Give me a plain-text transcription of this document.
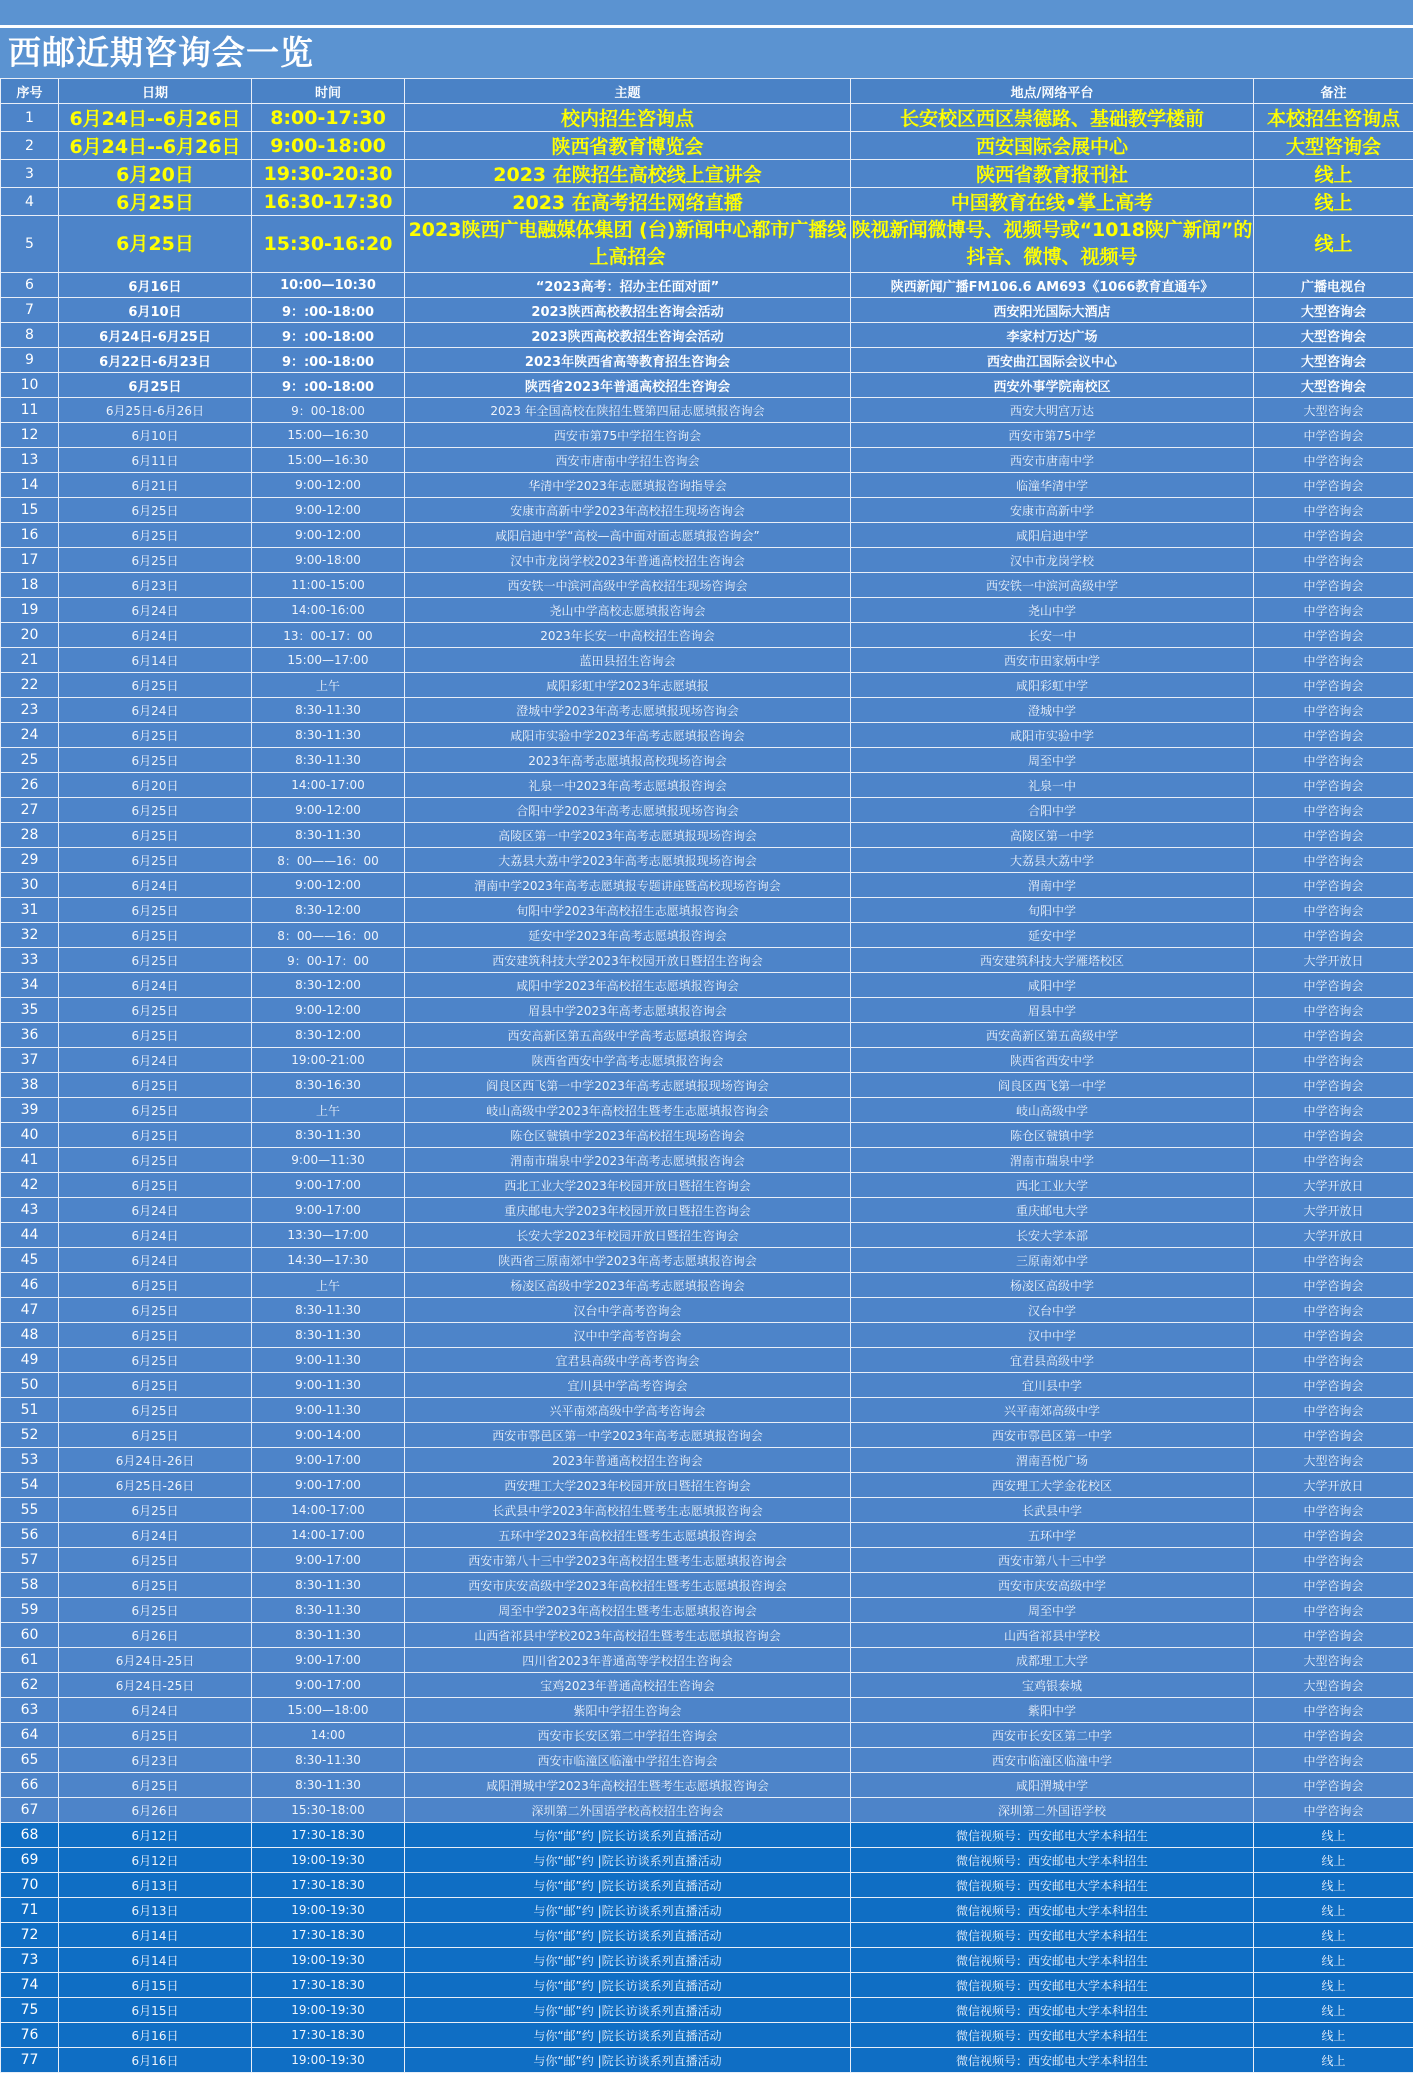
西邮近期咨询会一览
序号	日期	时间	主题	地点/网络平台	备注
1	6月24日--6月26日	8:00-17:30	校内招生咨询点	长安校区西区崇德路、基础教学楼前	本校招生咨询点
2	6月24日--6月26日	9:00-18:00	陕西省教育博览会	西安国际会展中心	大型咨询会
3	6月20日	19:30-20:30	2023 在陕招生高校线上宣讲会	陕西省教育报刊社	线上
4	6月25日	16:30-17:30	2023 在高考招生网络直播	中国教育在线•掌上高考	线上
5	6月25日	15:30-16:20	2023陕西广电融媒体集团 (台)新闻中心都市广播线上高招会	陕视新闻微博号、视频号或“1018陕广新闻”的抖音、微博、视频号	线上
6	6月16日	10:00—10:30	“2023高考：招办主任面对面”	陕西新闻广播FM106.6 AM693《1066教育直通车》	广播电视台
7	6月10日	9：:00-18:00	2023陕西高校教招生咨询会活动	西安阳光国际大酒店	大型咨询会
8	6月24日-6月25日	9：:00-18:00	2023陕西高校教招生咨询会活动	李家村万达广场	大型咨询会
9	6月22日-6月23日	9：:00-18:00	2023年陕西省高等教育招生咨询会	西安曲江国际会议中心	大型咨询会
10	6月25日	9：:00-18:00	陕西省2023年普通高校招生咨询会	西安外事学院南校区	大型咨询会
11	6月25日-6月26日	9：00-18:00	2023 年全国高校在陕招生暨第四届志愿填报咨询会	西安大明宫万达	大型咨询会
12	6月10日	15:00—16:30	西安市第75中学招生咨询会	西安市第75中学	中学咨询会
13	6月11日	15:00—16:30	西安市唐南中学招生咨询会	西安市唐南中学	中学咨询会
14	6月21日	9:00-12:00	华清中学2023年志愿填报咨询指导会	临潼华清中学	中学咨询会
15	6月25日	9:00-12:00	安康市高新中学2023年高校招生现场咨询会	安康市高新中学	中学咨询会
16	6月25日	9:00-12:00	咸阳启迪中学“高校—高中面对面志愿填报咨询会”	咸阳启迪中学	中学咨询会
17	6月25日	9:00-18:00	汉中市龙岗学校2023年普通高校招生咨询会	汉中市龙岗学校	中学咨询会
18	6月23日	11:00-15:00	西安铁一中滨河高级中学高校招生现场咨询会	西安铁一中滨河高级中学	中学咨询会
19	6月24日	14:00-16:00	尧山中学高校志愿填报咨询会	尧山中学	中学咨询会
20	6月24日	13：00-17：00	2023年长安一中高校招生咨询会	长安一中	中学咨询会
21	6月14日	15:00—17:00	蓝田县招生咨询会	西安市田家炳中学	中学咨询会
22	6月25日	上午	咸阳彩虹中学2023年志愿填报	咸阳彩虹中学	中学咨询会
23	6月24日	8:30-11:30	澄城中学2023年高考志愿填报现场咨询会	澄城中学	中学咨询会
24	6月25日	8:30-11:30	咸阳市实验中学2023年高考志愿填报咨询会	咸阳市实验中学	中学咨询会
25	6月25日	8:30-11:30	2023年高考志愿填报高校现场咨询会	周至中学	中学咨询会
26	6月20日	14:00-17:00	礼泉一中2023年高考志愿填报咨询会	礼泉一中	中学咨询会
27	6月25日	9:00-12:00	合阳中学2023年高考志愿填报现场咨询会	合阳中学	中学咨询会
28	6月25日	8:30-11:30	高陵区第一中学2023年高考志愿填报现场咨询会	高陵区第一中学	中学咨询会
29	6月25日	8：00——16：00	大荔县大荔中学2023年高考志愿填报现场咨询会	大荔县大荔中学	中学咨询会
30	6月24日	9:00-12:00	渭南中学2023年高考志愿填报专题讲座暨高校现场咨询会	渭南中学	中学咨询会
31	6月25日	8:30-12:00	旬阳中学2023年高校招生志愿填报咨询会	旬阳中学	中学咨询会
32	6月25日	8：00——16：00	延安中学2023年高考志愿填报咨询会	延安中学	中学咨询会
33	6月25日	9：00-17：00	西安建筑科技大学2023年校园开放日暨招生咨询会	西安建筑科技大学雁塔校区	大学开放日
34	6月24日	8:30-12:00	咸阳中学2023年高校招生志愿填报咨询会	咸阳中学	中学咨询会
35	6月25日	9:00-12:00	眉县中学2023年高考志愿填报咨询会	眉县中学	中学咨询会
36	6月25日	8:30-12:00	西安高新区第五高级中学高考志愿填报咨询会	西安高新区第五高级中学	中学咨询会
37	6月24日	19:00-21:00	陕西省西安中学高考志愿填报咨询会	陕西省西安中学	中学咨询会
38	6月25日	8:30-16:30	阎良区西飞第一中学2023年高考志愿填报现场咨询会	阎良区西飞第一中学	中学咨询会
39	6月25日	上午	岐山高级中学2023年高校招生暨考生志愿填报咨询会	岐山高级中学	中学咨询会
40	6月25日	8:30-11:30	陈仓区虢镇中学2023年高校招生现场咨询会	陈仓区虢镇中学	中学咨询会
41	6月25日	9:00—11:30	渭南市瑞泉中学2023年高考志愿填报咨询会	渭南市瑞泉中学	中学咨询会
42	6月25日	9:00-17:00	西北工业大学2023年校园开放日暨招生咨询会	西北工业大学	大学开放日
43	6月24日	9:00-17:00	重庆邮电大学2023年校园开放日暨招生咨询会	重庆邮电大学	大学开放日
44	6月24日	13:30—17:00	长安大学2023年校园开放日暨招生咨询会	长安大学本部	大学开放日
45	6月24日	14:30—17:30	陕西省三原南郊中学2023年高考志愿填报咨询会	三原南郊中学	中学咨询会
46	6月25日	上午	杨凌区高级中学2023年高考志愿填报咨询会	杨凌区高级中学	中学咨询会
47	6月25日	8:30-11:30	汉台中学高考咨询会	汉台中学	中学咨询会
48	6月25日	8:30-11:30	汉中中学高考咨询会	汉中中学	中学咨询会
49	6月25日	9:00-11:30	宜君县高级中学高考咨询会	宜君县高级中学	中学咨询会
50	6月25日	9:00-11:30	宜川县中学高考咨询会	宜川县中学	中学咨询会
51	6月25日	9:00-11:30	兴平南郊高级中学高考咨询会	兴平南郊高级中学	中学咨询会
52	6月25日	9:00-14:00	西安市鄠邑区第一中学2023年高考志愿填报咨询会	西安市鄠邑区第一中学	中学咨询会
53	6月24日-26日	9:00-17:00	2023年普通高校招生咨询会	渭南吾悦广场	大型咨询会
54	6月25日-26日	9:00-17:00	西安理工大学2023年校园开放日暨招生咨询会	西安理工大学金花校区	大学开放日
55	6月25日	14:00-17:00	长武县中学2023年高校招生暨考生志愿填报咨询会	长武县中学	中学咨询会
56	6月24日	14:00-17:00	五环中学2023年高校招生暨考生志愿填报咨询会	五环中学	中学咨询会
57	6月25日	9:00-17:00	西安市第八十三中学2023年高校招生暨考生志愿填报咨询会	西安市第八十三中学	中学咨询会
58	6月25日	8:30-11:30	西安市庆安高级中学2023年高校招生暨考生志愿填报咨询会	西安市庆安高级中学	中学咨询会
59	6月25日	8:30-11:30	周至中学2023年高校招生暨考生志愿填报咨询会	周至中学	中学咨询会
60	6月26日	8:30-11:30	山西省祁县中学校2023年高校招生暨考生志愿填报咨询会	山西省祁县中学校	中学咨询会
61	6月24日-25日	9:00-17:00	四川省2023年普通高等学校招生咨询会	成都理工大学	大型咨询会
62	6月24日-25日	9:00-17:00	宝鸡2023年普通高校招生咨询会	宝鸡银泰城	大型咨询会
63	6月24日	15:00—18:00	紫阳中学招生咨询会	紫阳中学	中学咨询会
64	6月25日	14:00	西安市长安区第二中学招生咨询会	西安市长安区第二中学	中学咨询会
65	6月23日	8:30-11:30	西安市临潼区临潼中学招生咨询会	西安市临潼区临潼中学	中学咨询会
66	6月25日	8:30-11:30	咸阳渭城中学2023年高校招生暨考生志愿填报咨询会	咸阳渭城中学	中学咨询会
67	6月26日	15:30-18:00	深圳第二外国语学校高校招生咨询会	深圳第二外国语学校	中学咨询会
68	6月12日	17:30-18:30	与你“邮”约 |院长访谈系列直播活动	微信视频号：西安邮电大学本科招生	线上
69	6月12日	19:00-19:30	与你“邮”约 |院长访谈系列直播活动	微信视频号：西安邮电大学本科招生	线上
70	6月13日	17:30-18:30	与你“邮”约 |院长访谈系列直播活动	微信视频号：西安邮电大学本科招生	线上
71	6月13日	19:00-19:30	与你“邮”约 |院长访谈系列直播活动	微信视频号：西安邮电大学本科招生	线上
72	6月14日	17:30-18:30	与你“邮”约 |院长访谈系列直播活动	微信视频号：西安邮电大学本科招生	线上
73	6月14日	19:00-19:30	与你“邮”约 |院长访谈系列直播活动	微信视频号：西安邮电大学本科招生	线上
74	6月15日	17:30-18:30	与你“邮”约 |院长访谈系列直播活动	微信视频号：西安邮电大学本科招生	线上
75	6月15日	19:00-19:30	与你“邮”约 |院长访谈系列直播活动	微信视频号：西安邮电大学本科招生	线上
76	6月16日	17:30-18:30	与你“邮”约 |院长访谈系列直播活动	微信视频号：西安邮电大学本科招生	线上
77	6月16日	19:00-19:30	与你“邮”约 |院长访谈系列直播活动	微信视频号：西安邮电大学本科招生	线上
